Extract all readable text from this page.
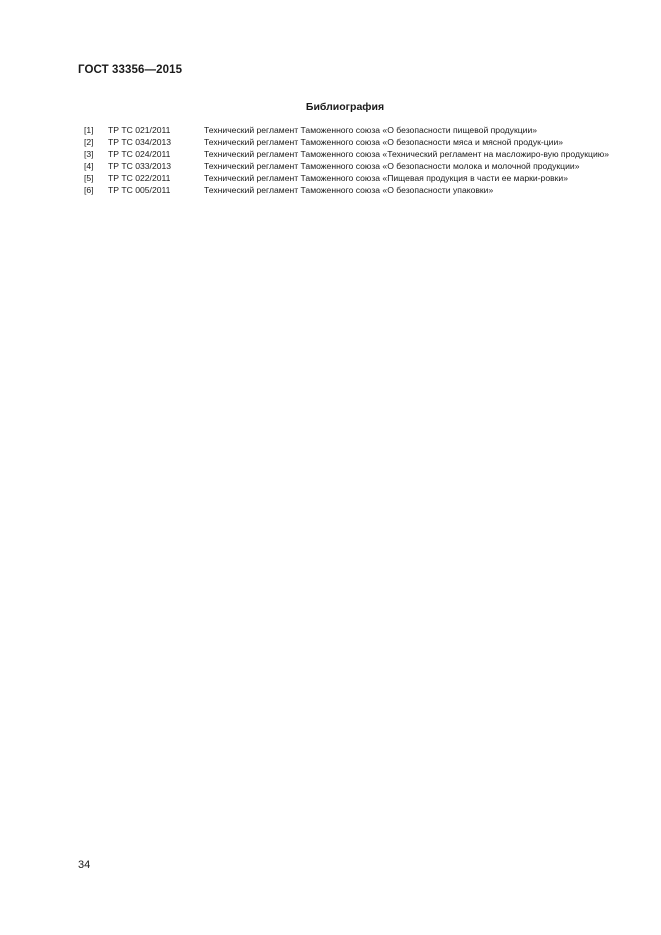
ГОСТ 33356—2015
Библиография
[1]	ТР ТС 021/2011	Технический регламент Таможенного союза «О безопасности пищевой продукции»
[2]	ТР ТС 034/2013	Технический регламент Таможенного союза «О безопасности мяса и мясной продук-ции»
[3]	ТР ТС 024/2011	Технический регламент Таможенного союза «Технический регламент на масложиро-вую продукцию»
[4]	ТР ТС 033/2013	Технический регламент Таможенного союза «О безопасности молока и молочной продукции»
[5]	ТР ТС 022/2011	Технический регламент Таможенного союза «Пищевая продукция в части ее марки-ровки»
[6]	ТР ТС 005/2011	Технический регламент Таможенного союза «О безопасности упаковки»
34
